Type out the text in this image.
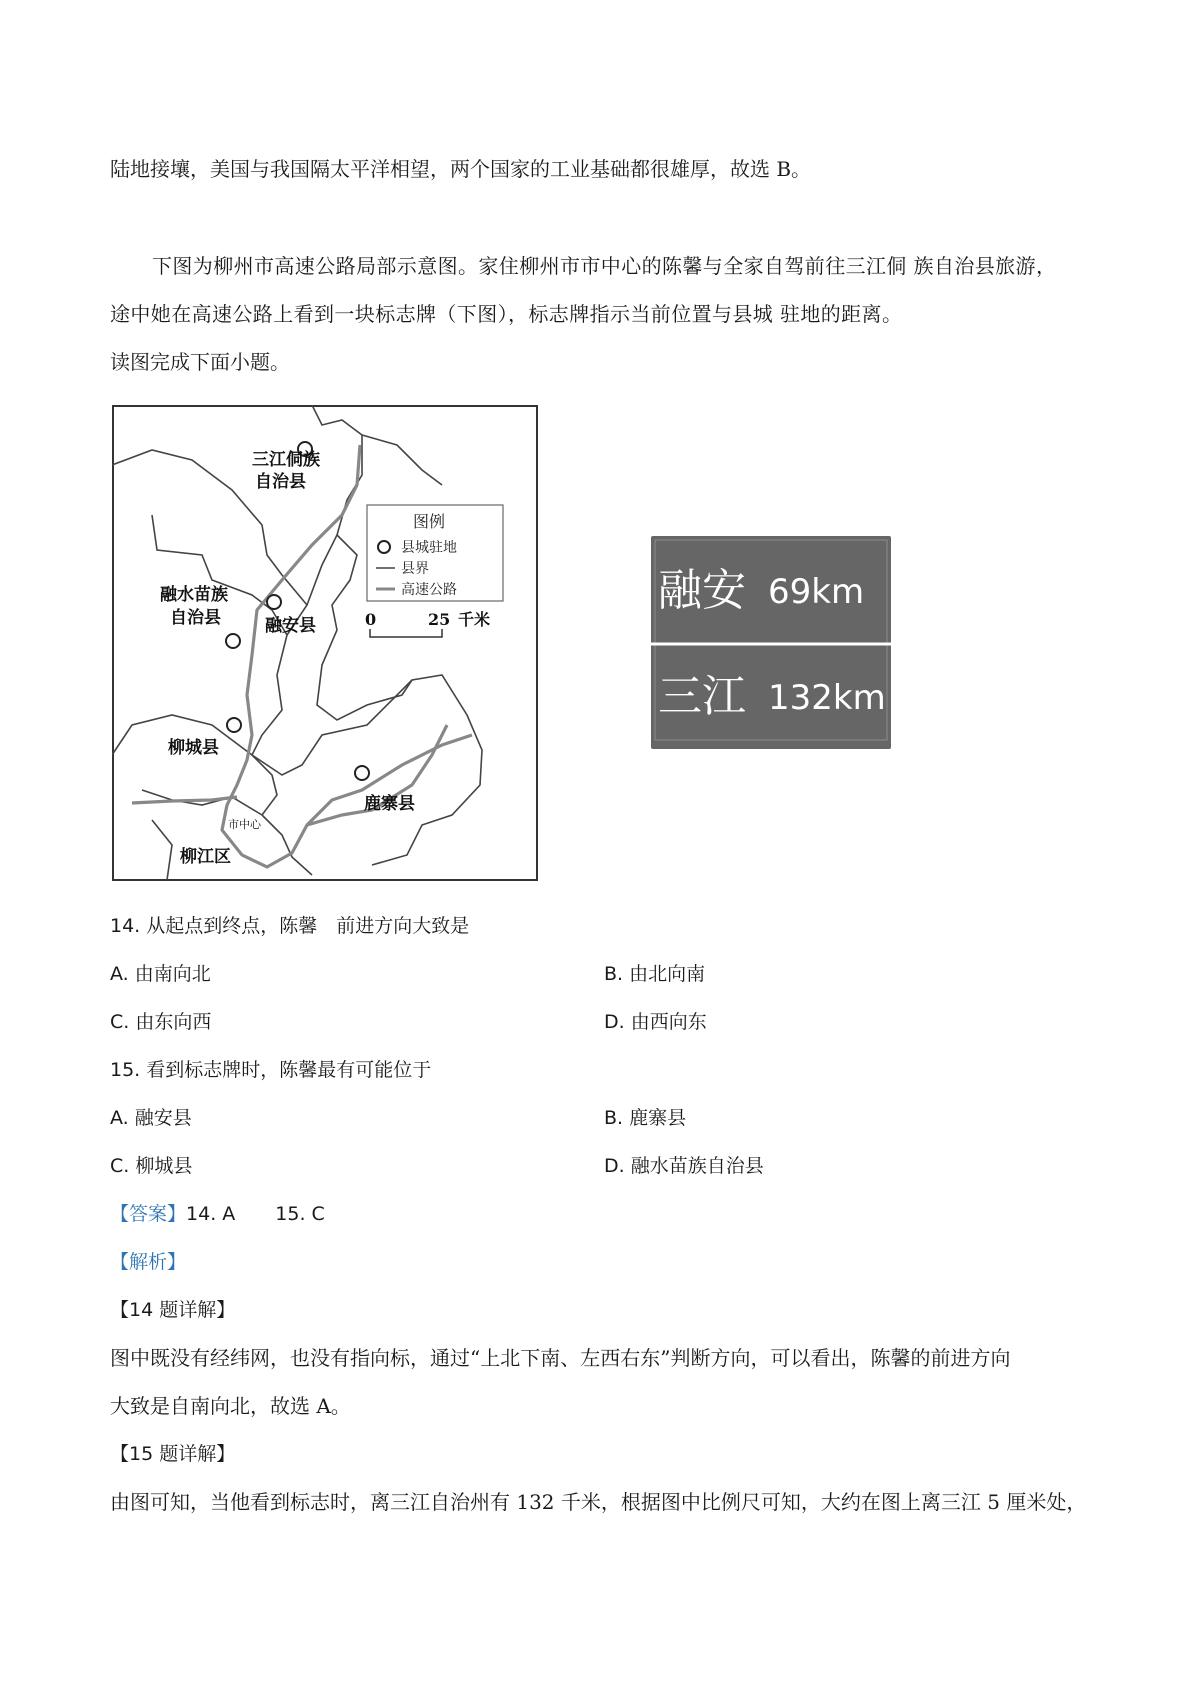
陆地接壤，美国与我国隔太平洋相望，两个国家的工业基础都很雄厚，故选 B。
下图为柳州市高速公路局部示意图。家住柳州市市中心的陈馨与全家自驾前往三江侗 族自治县旅游，
途中她在高速公路上看到一块标志牌（下图），标志牌指示当前位置与县城 驻地的距离。
读图完成下面小题。
三江侗族
自治县
融水苗族
自治县	融安县
柳城县
鹿寨县
柳江区
市中心
图例
县城驻地
县界
高速公路
0	25 千米
融安 69km
三江 132km
14. 从起点到终点，陈馨　前进方向大致是
A. 由南向北	B. 由北向南
C. 由东向西	D. 由西向东
15. 看到标志牌时，陈馨最有可能位于
A. 融安县	B. 鹿寨县
C. 柳城县	D. 融水苗族自治县
【答案】14. A 15. C
【解析】
【14 题详解】
图中既没有经纬网，也没有指向标，通过“上北下南、左西右东”判断方向，可以看出，陈馨的前进方向
大致是自南向北，故选 A。
【15 题详解】
由图可知，当他看到标志时，离三江自治州有 132 千米，根据图中比例尺可知，大约在图上离三江 5 厘米处，
